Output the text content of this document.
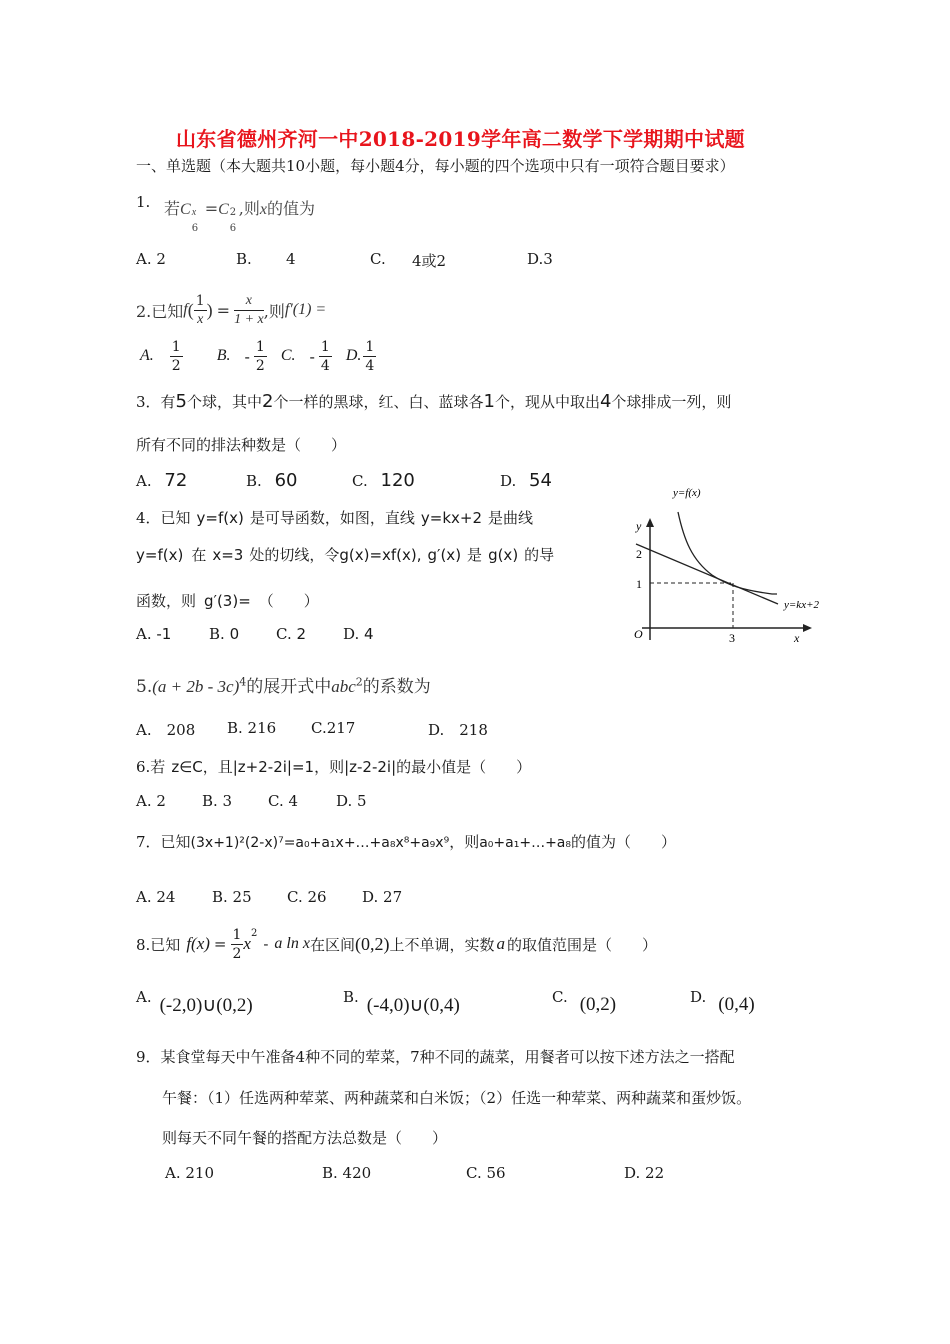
山东省德州齐河一中2018-2019学年高二数学下学期期中试题
一、单选题（本大题共10小题，每小题4分，每小题的四个选项中只有一项符合题目要求）
1. 若C x
6
=C 2
6
,则x的值为
A. 2	B. 4	C. 4或2	D.3
2.已知 f ( $\frac{1}{x}$ ) = $\frac{x}{1 + x}$ ,则 f′(1) =
A. $\frac{1}{2} B$. - $\frac{1}{2} C$. - $\frac{1}{4} D$. $\frac{1}{4}$
3．有5个球，其中2个一样的黑球，红、白、蓝球各1个，现从中取出4个球排成一列，则
所有不同的排法种数是（　　）
A. 72	B. 60	C. 120	D. 54
4．已知 y=f(x) 是可导函数，如图，直线 y=kx+2 是曲线
y=f(x) 在 x=3 处的切线，令g(x)=xf(x), g′(x) 是 g(x) 的导
函数，则 g′(3)= （　　）
A. -1	B. 0 C. 2 D. 4
y=f(x)
y=kx+2
y
x
O
2
1
3
$5.(a + 2b - 3c)^4$的展开式中abc$^2$的系数为
A.　208 B. 216 C.217	D.　218
6.若 z∈C，且|z+2-2i|=1，则|z-2-2i|的最小值是（　　）
A. 2 B. 3 C. 4	D. 5
7．已知(3x+1)²(2-x)⁷=a₀+a₁x+…+a₈x⁸+a₉x⁹，则a₀+a₁+…+a₈的值为（　　）
A. 24 B. 25 C. 26 D. 27
8.已知 f $(x) = \frac{1}{2}$ x
$^2$
- a ln x 在区间 (0,2) 上不单调，实数 a 的取值范围是（　　）
A. (-2,0)∪(0,2)	B. (-4,0)∪(0,4)	C. (0,2)	D. (0,4)
9．某食堂每天中午准备4种不同的荤菜，7种不同的蔬菜，用餐者可以按下述方法之一搭配
午餐：（1）任选两种荤菜、两种蔬菜和白米饭；（2）任选一种荤菜、两种蔬菜和蛋炒饭。
则每天不同午餐的搭配方法总数是（　　）
A. 210	B. 420	C. 56	D. 22
